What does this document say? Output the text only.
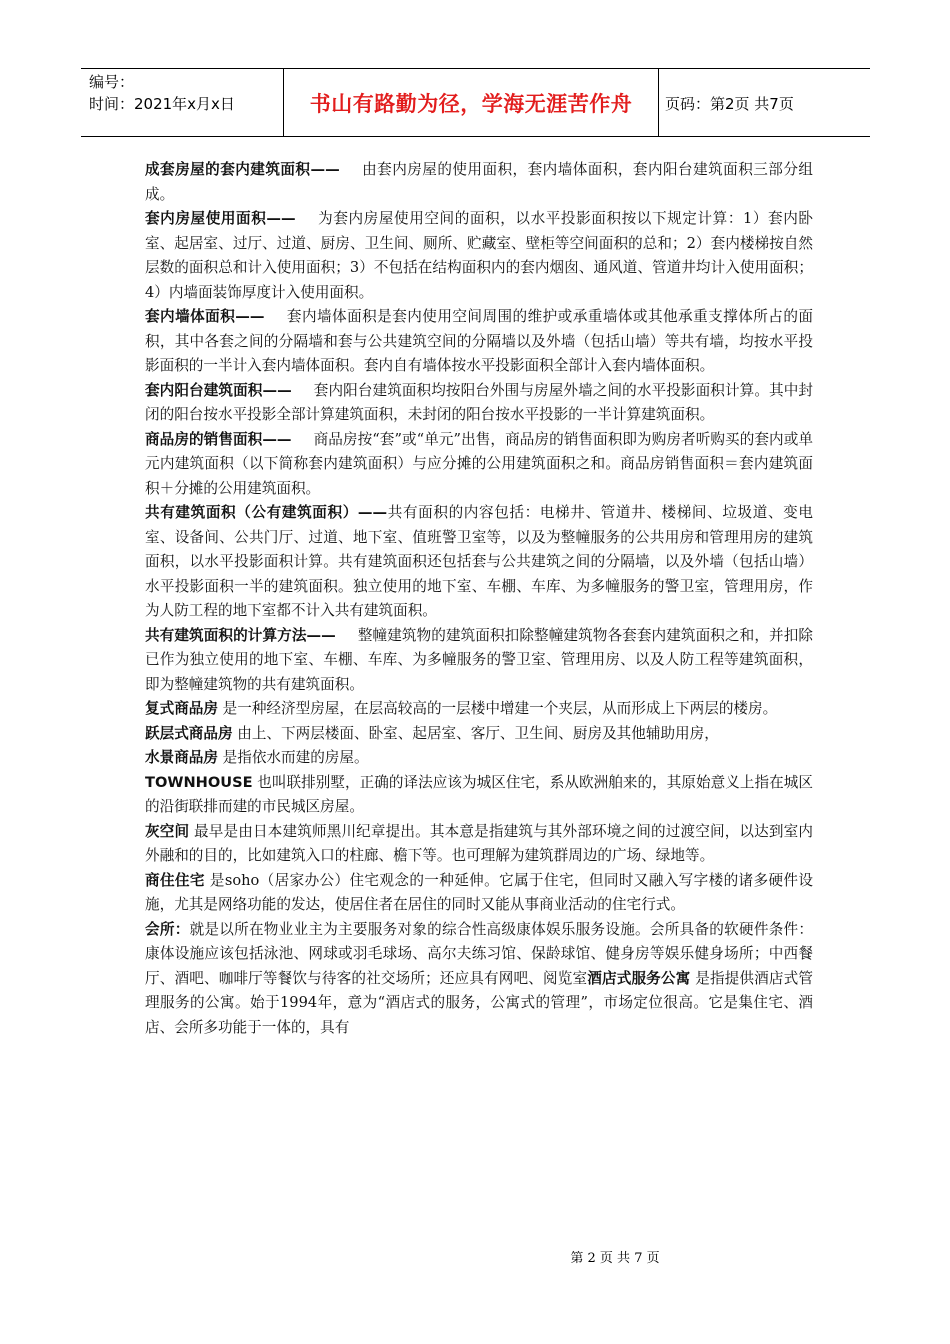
编号：
时间：2021年x月x日	书山有路勤为径，学海无涯苦作舟 页码：第2页 共7页

成套房屋的套内建筑面积—— 由套内房屋的使用面积，套内墙体面积，套内阳台建筑面积三部分组成。

套内房屋使用面积—— 为套内房屋使用空间的面积，以水平投影面积按以下规定计算：1）套内卧室、起居室、过厅、过道、厨房、卫生间、厕所、贮藏室、壁柜等空间面积的总和；2）套内楼梯按自然层数的面积总和计入使用面积；3）不包括在结构面积内的套内烟囱、通风道、管道井均计入使用面积；4）内墙面装饰厚度计入使用面积。

套内墙体面积—— 套内墙体面积是套内使用空间周围的维护或承重墙体或其他承重支撑体所占的面积，其中各套之间的分隔墙和套与公共建筑空间的分隔墙以及外墙（包括山墙）等共有墙，均按水平投影面积的一半计入套内墙体面积。套内自有墙体按水平投影面积全部计入套内墙体面积。

套内阳台建筑面积—— 套内阳台建筑面积均按阳台外围与房屋外墙之间的水平投影面积计算。其中封闭的阳台按水平投影全部计算建筑面积，未封闭的阳台按水平投影的一半计算建筑面积。

商品房的销售面积—— 商品房按“套”或“单元”出售，商品房的销售面积即为购房者听购买的套内或单元内建筑面积（以下简称套内建筑面积）与应分摊的公用建筑面积之和。商品房销售面积＝套内建筑面积＋分摊的公用建筑面积。

共有建筑面积（公有建筑面积）——共有面积的内容包括：电梯井、管道井、楼梯间、垃圾道、变电室、设备间、公共门厅、过道、地下室、值班警卫室等，以及为整幢服务的公共用房和管理用房的建筑面积，以水平投影面积计算。共有建筑面积还包括套与公共建筑之间的分隔墙，以及外墙（包括山墙）水平投影面积一半的建筑面积。独立使用的地下室、车棚、车库、为多幢服务的警卫室，管理用房，作为人防工程的地下室都不计入共有建筑面积。

共有建筑面积的计算方法—— 整幢建筑物的建筑面积扣除整幢建筑物各套套内建筑面积之和，并扣除已作为独立使用的地下室、车棚、车库、为多幢服务的警卫室、管理用房、以及人防工程等建筑面积，即为整幢建筑物的共有建筑面积。

复式商品房 是一种经济型房屋，在层高较高的一层楼中增建一个夹层，从而形成上下两层的楼房。

跃层式商品房 由上、下两层楼面、卧室、起居室、客厅、卫生间、厨房及其他辅助用房，

水景商品房 是指依水而建的房屋。

TOWNHOUSE 也叫联排别墅，正确的译法应该为城区住宅，系从欧洲舶来的，其原始意义上指在城区的沿街联排而建的市民城区房屋。

灰空间 最早是由日本建筑师黑川纪章提出。其本意是指建筑与其外部环境之间的过渡空间，以达到室内外融和的目的，比如建筑入口的柱廊、檐下等。也可理解为建筑群周边的广场、绿地等。

商住住宅 是soho（居家办公）住宅观念的一种延伸。它属于住宅，但同时又融入写字楼的诸多硬件设施，尤其是网络功能的发达，使居住者在居住的同时又能从事商业活动的住宅行式。

会所：就是以所在物业业主为主要服务对象的综合性高级康体娱乐服务设施。会所具备的软硬件条件：康体设施应该包括泳池、网球或羽毛球场、高尔夫练习馆、保龄球馆、健身房等娱乐健身场所；中西餐厅、酒吧、咖啡厅等餐饮与待客的社交场所；还应具有网吧、阅览室酒店式服务公寓 是指提供酒店式管理服务的公寓。始于1994年，意为“酒店式的服务，公寓式的管理”，市场定位很高。它是集住宅、酒店、会所多功能于一体的，具有

第 2 页 共 7 页
